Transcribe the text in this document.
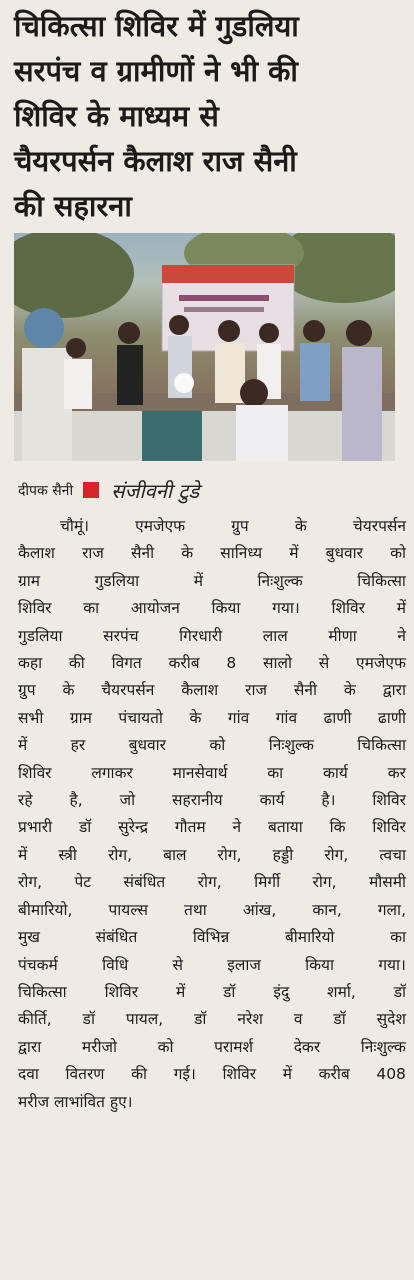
चिकित्सा शिविर में गुडलिया
सरपंच व ग्रामीणों ने भी की
शिविर के माध्यम से
चैयरपर्सन कैलाश राज सैनी
की सहारना
दीपक सैनी संजीवनी टुडे
चौमूं।	एमजेएफ	ग्रुप	के	चेयरपर्सन
कैलाश राज सैनी के सानिध्य में बुधवार को
ग्राम	गुडलिया	में	निःशुल्क	चिकित्सा
शिविर का आयोजन किया गया। शिविर में
गुडलिया	सरपंच	गिरधारी	लाल	मीणा	ने
कहा की विगत करीब 8 सालो से एमजेएफ
ग्रुप के चैयरपर्सन कैलाश राज सैनी के द्वारा
सभी ग्राम पंचायतो के गांव गांव ढाणी ढाणी
में	हर	बुधवार	को	निःशुल्क	चिकित्सा
शिविर	लगाकर	मानसेवार्थ	का	कार्य	कर
रहे है, जो सहरानीय कार्य है। शिविर
प्रभारी डॉ सुरेन्द्र गौतम ने बताया कि शिविर
में स्त्री रोग, बाल रोग, हड्डी रोग, त्वचा
रोग, पेट संबंधित रोग, मिर्गी रोग, मौसमी
बीमारियो, पायल्स तथा आंख, कान, गला,
मुख	संबंधित	विभिन्न	बीमारियो	का
पंचकर्म	विधि	से	इलाज	किया	गया।
चिकित्सा शिविर में डॉ इंदु शर्मा, डॉ
कीर्ति, डॉ पायल, डॉ नरेश व डॉ सुदेश
द्वारा	मरीजो	को	परामर्श	देकर	निःशुल्क
दवा वितरण की गई। शिविर में करीब 408
मरीज लाभांवित हुए।
